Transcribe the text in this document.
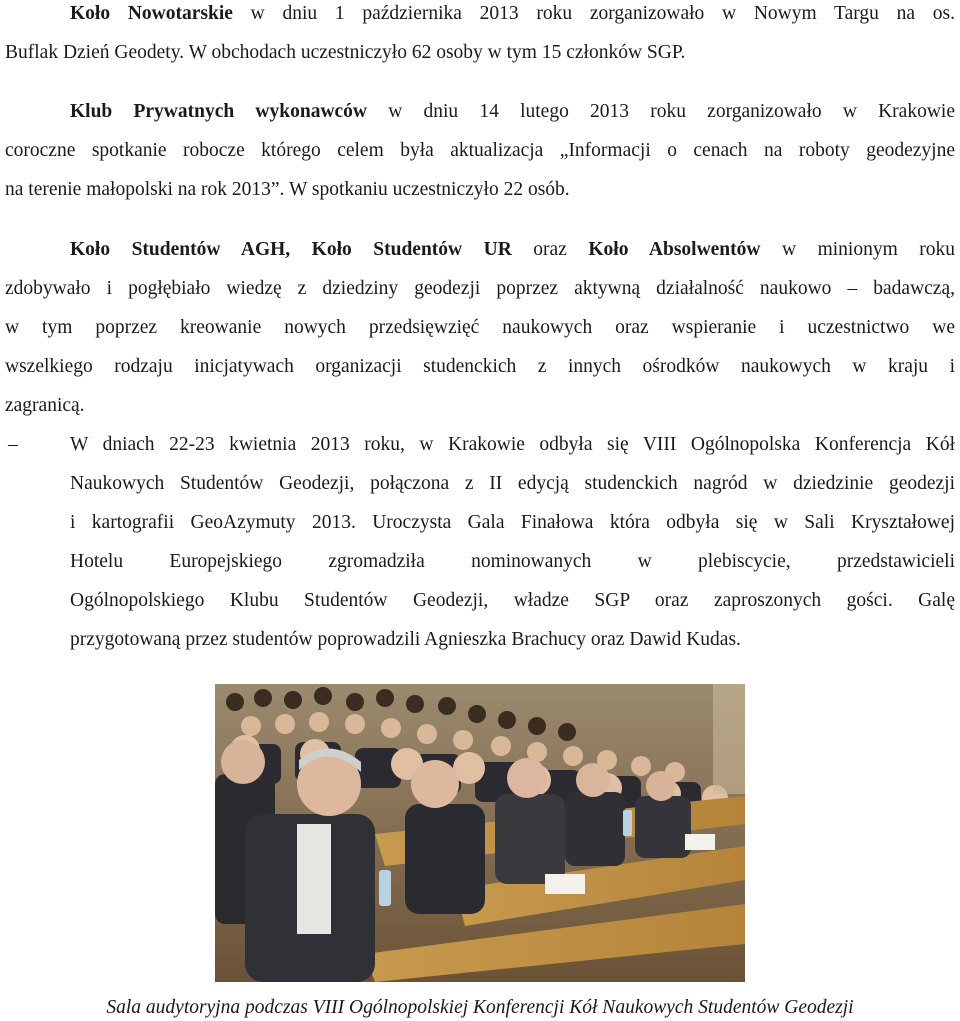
Koło Nowotarskie w dniu 1 października 2013 roku zorganizowało w Nowym Targu na os.
Buflak Dzień Geodety. W obchodach uczestniczyło 62 osoby w tym 15 członków SGP.
Klub Prywatnych wykonawców w dniu 14 lutego 2013 roku zorganizowało w Krakowie
coroczne spotkanie robocze którego celem była aktualizacja „Informacji o cenach na roboty geodezyjne
na terenie małopolski na rok 2013”. W spotkaniu uczestniczyło 22 osób.
Koło Studentów AGH, Koło Studentów UR oraz Koło Absolwentów w minionym roku
zdobywało i pogłębiało wiedzę z dziedziny geodezji poprzez aktywną działalność naukowo – badawczą,
w tym poprzez kreowanie nowych przedsięwzięć naukowych oraz wspieranie i uczestnictwo we
wszelkiego rodzaju inicjatywach organizacji studenckich z innych ośrodków naukowych w kraju i
zagranicą.
–	W dniach 22-23 kwietnia 2013 roku, w Krakowie odbyła się VIII Ogólnopolska Konferencja Kół
Naukowych Studentów Geodezji, połączona z II edycją studenckich nagród w dziedzinie geodezji
i kartografii GeoAzymuty 2013. Uroczysta Gala Finałowa która odbyła się w Sali Kryształowej
Hotelu Europejskiego zgromadziła nominowanych w plebiscycie, przedstawicieli
Ogólnopolskiego Klubu Studentów Geodezji, władze SGP oraz zaproszonych gości. Galę
przygotowaną przez studentów poprowadzili Agnieszka Brachucy oraz Dawid Kudas.
Sala audytoryjna podczas VIII Ogólnopolskiej Konferencji Kół Naukowych Studentów Geodezji
